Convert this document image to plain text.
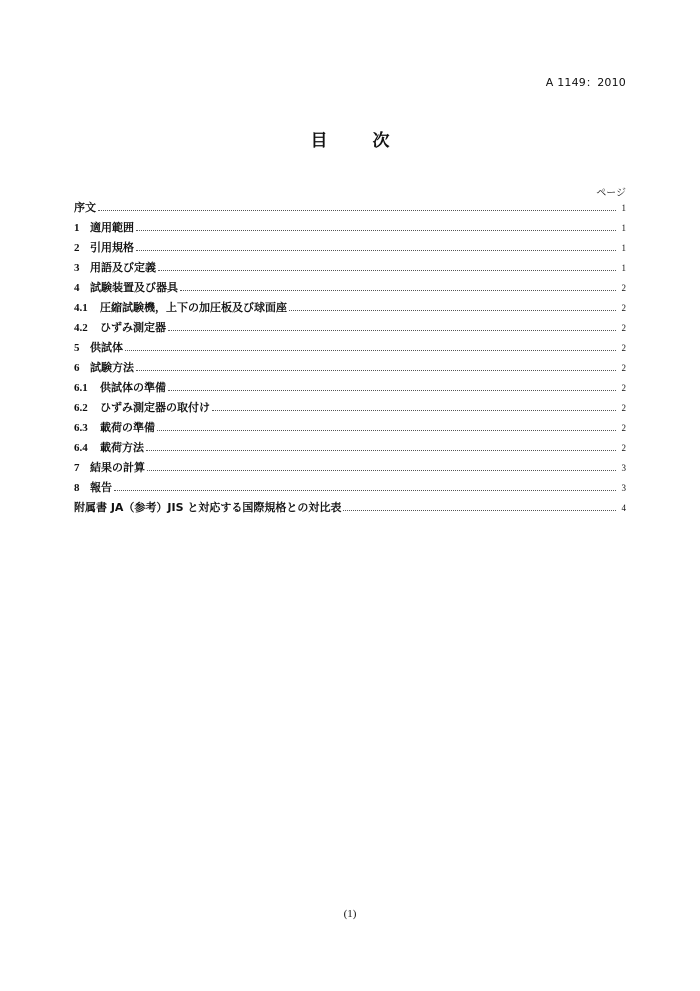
A 1149：2010
目　次
ページ
序文	1
1 適用範囲	1
2 引用規格	1
3 用語及び定義	1
4 試験装置及び器具	2
4.1	圧縮試験機，上下の加圧板及び球面座	2
4.2	ひずみ測定器	2
5 供試体	2
6 試験方法	2
6.1	供試体の準備	2
6.2	ひずみ測定器の取付け	2
6.3	載荷の準備	2
6.4	載荷方法	2
7 結果の計算	3
8 報告	3
附属書 JA（参考）JIS と対応する国際規格との対比表	4
(1)
